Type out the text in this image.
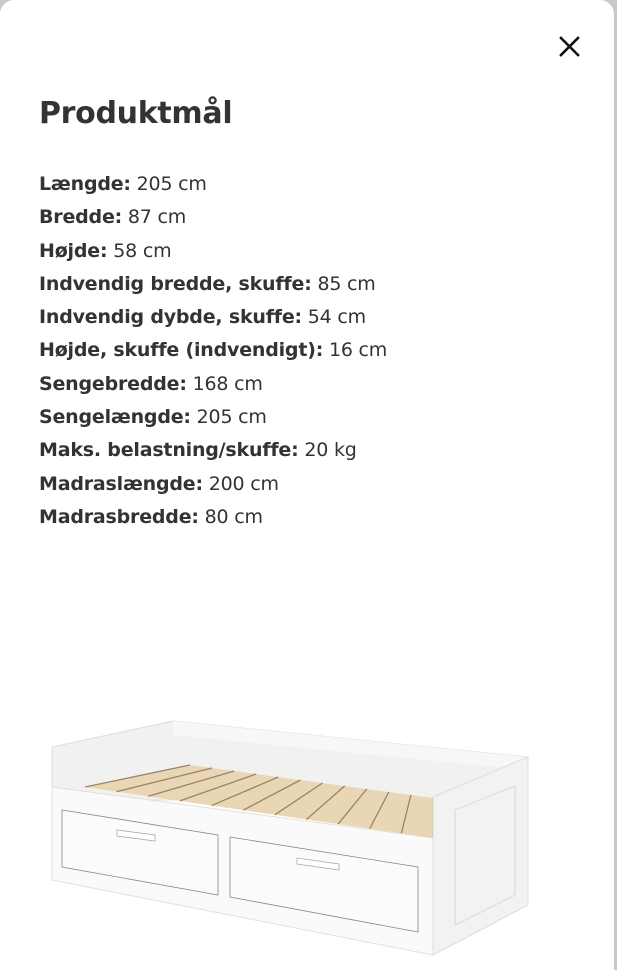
Produktmål
Længde: 205 cm
Bredde: 87 cm
Højde: 58 cm
Indvendig bredde, skuffe: 85 cm
Indvendig dybde, skuffe: 54 cm
Højde, skuffe (indvendigt): 16 cm
Sengebredde: 168 cm
Sengelængde: 205 cm
Maks. belastning/skuffe: 20 kg
Madraslængde: 200 cm
Madrasbredde: 80 cm
